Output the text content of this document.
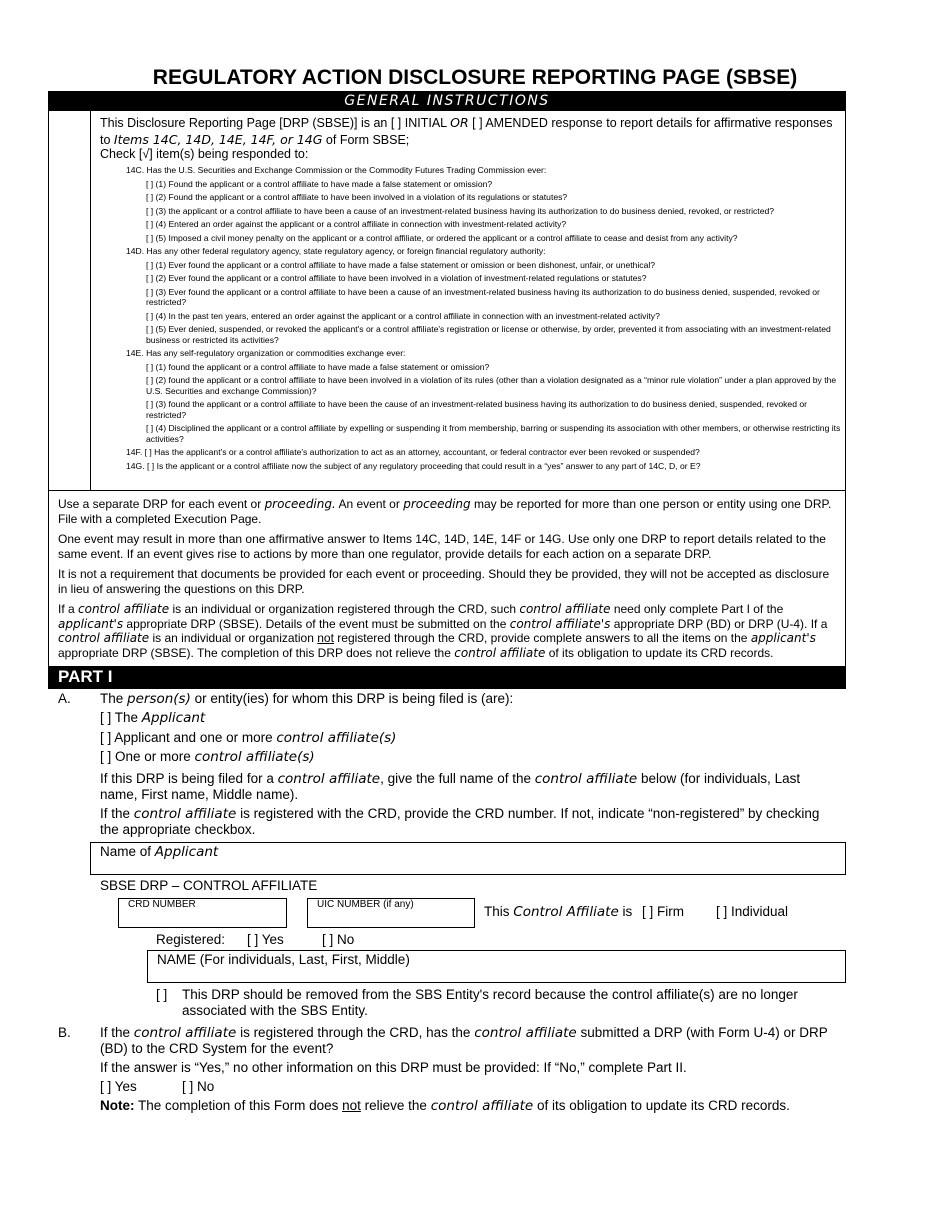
REGULATORY ACTION DISCLOSURE REPORTING PAGE (SBSE)
GENERAL INSTRUCTIONS
This Disclosure Reporting Page [DRP (SBSE)] is an [ ] INITIAL OR [ ] AMENDED response to report details for affirmative responses to Items 14C, 14D, 14E, 14F, or 14G of Form SBSE;
Check [√] item(s) being responded to:
14C. Has the U.S. Securities and Exchange Commission or the Commodity Futures Trading Commission ever:
[ ] (1) Found the applicant or a control affiliate to have made a false statement or omission?
[ ] (2) Found the applicant or a control affiliate to have been involved in a violation of its regulations or statutes?
[ ] (3) the applicant or a control affiliate to have been a cause of an investment-related business having its authorization to do business denied, revoked, or restricted?
[ ] (4) Entered an order against the applicant or a control affiliate in connection with investment-related activity?
[ ] (5) Imposed a civil money penalty on the applicant or a control affiliate, or ordered the applicant or a control affiliate to cease and desist from any activity?
14D. Has any other federal regulatory agency, state regulatory agency, or foreign financial regulatory authority:
[ ] (1) Ever found the applicant or a control affiliate to have made a false statement or omission or been dishonest, unfair, or unethical?
[ ] (2) Ever found the applicant or a control affiliate to have been involved in a violation of investment-related regulations or statutes?
[ ] (3) Ever found the applicant or a control affiliate to have been a cause of an investment-related business having its authorization to do business denied, suspended, revoked or restricted?
[ ] (4) In the past ten years, entered an order against the applicant or a control affiliate in connection with an investment-related activity?
[ ] (5) Ever denied, suspended, or revoked the applicant's or a control affiliate's registration or license or otherwise, by order, prevented it from associating with an investment-related business or restricted its activities?
14E. Has any self-regulatory organization or commodities exchange ever:
[ ] (1) found the applicant or a control affiliate to have made a false statement or omission?
[ ] (2) found the applicant or a control affiliate to have been involved in a violation of its rules (other than a violation designated as a “minor rule violation” under a plan approved by the U.S. Securities and exchange Commission)?
[ ] (3) found the applicant or a control affiliate to have been the cause of an investment-related business having its authorization to do business denied, suspended, revoked or restricted?
[ ] (4) Disciplined the applicant or a control affiliate by expelling or suspending it from membership, barring or suspending its association with other members, or otherwise restricting its activities?
14F. [ ] Has the applicant's or a control affiliate's authorization to act as an attorney, accountant, or federal contractor ever been revoked or suspended?
14G. [ ] Is the applicant or a control affiliate now the subject of any regulatory proceeding that could result in a “yes” answer to any part of 14C, D, or E?
Use a separate DRP for each event or proceeding. An event or proceeding may be reported for more than one person or entity using one DRP. File with a completed Execution Page.
One event may result in more than one affirmative answer to Items 14C, 14D, 14E, 14F or 14G. Use only one DRP to report details related to the same event. If an event gives rise to actions by more than one regulator, provide details for each action on a separate DRP.
It is not a requirement that documents be provided for each event or proceeding. Should they be provided, they will not be accepted as disclosure in lieu of answering the questions on this DRP.
If a control affiliate is an individual or organization registered through the CRD, such control affiliate need only complete Part I of the applicant's appropriate DRP (SBSE). Details of the event must be submitted on the control affiliate's appropriate DRP (BD) or DRP (U-4). If a control affiliate is an individual or organization not registered through the CRD, provide complete answers to all the items on the applicant's appropriate DRP (SBSE). The completion of this DRP does not relieve the control affiliate of its obligation to update its CRD records.
PART I
A. The person(s) or entity(ies) for whom this DRP is being filed is (are):
[ ] The Applicant
[ ] Applicant and one or more control affiliate(s)
[ ] One or more control affiliate(s)
If this DRP is being filed for a control affiliate, give the full name of the control affiliate below (for individuals, Last name, First name, Middle name).
If the control affiliate is registered with the CRD, provide the CRD number. If not, indicate “non-registered” by checking the appropriate checkbox.
Name of Applicant
SBSE DRP – CONTROL AFFILIATE
CRD NUMBER	UIC NUMBER (if any)	This Control Affiliate is [ ] Firm [ ] Individual
Registered: [ ] Yes	[ ] No
NAME (For individuals, Last, First, Middle)
[ ] This DRP should be removed from the SBS Entity's record because the control affiliate(s) are no longer associated with the SBS Entity.
B. If the control affiliate is registered through the CRD, has the control affiliate submitted a DRP (with Form U-4) or DRP (BD) to the CRD System for the event?
If the answer is “Yes,” no other information on this DRP must be provided: If “No,” complete Part II.
[ ] Yes	[ ] No
Note: The completion of this Form does not relieve the control affiliate of its obligation to update its CRD records.
